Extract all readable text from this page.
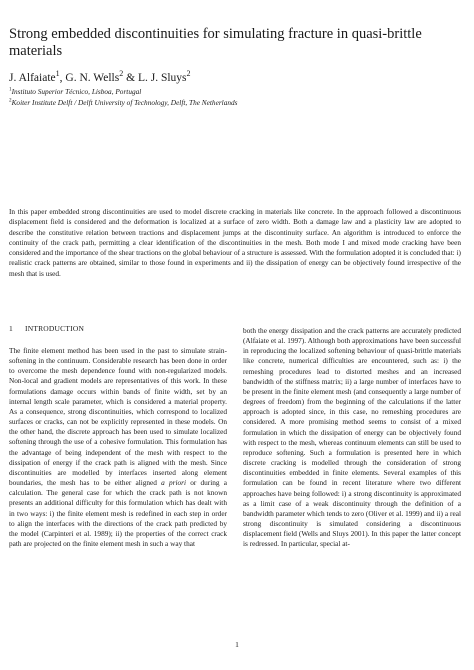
Strong embedded discontinuities for simulating fracture in quasi-brittle materials
J. Alfaiate$^1$, G. N. Wells$^2$ & L. J. Sluys$^2$
$^1$Instituto Superior Técnico, Lisboa, Portugal
$^2$Koiter Institute Delft / Delft University of Technology, Delft, The Netherlands
In this paper embedded strong discontinuities are used to model discrete cracking in materials like concrete. In the approach followed a discontinuous displacement field is considered and the deformation is localized at a surface of zero width. Both a damage law and a plasticity law are adopted to describe the constitutive relation between tractions and displacement jumps at the discontinuity surface. An algorithm is introduced to enforce the continuity of the crack path, permitting a clear identification of the discontinuities in the mesh. Both mode I and mixed mode cracking have been considered and the importance of the shear tractions on the global behaviour of a structure is assessed. With the formulation adopted it is concluded that: i) realistic crack patterns are obtained, similar to those found in experiments and ii) the dissipation of energy can be objectively found irrespective of the mesh that is used.
1 INTRODUCTION

The finite element method has been used in the past to simulate strain-softening in the continuum. Considerable research has been done in order to overcome the mesh dependence found with non-regularized models. Non-local and gradient models are representatives of this work. In these formulations damage occurs within bands of finite width, set by an internal length scale parameter, which is considered a material property. As a consequence, strong discontinuities, which correspond to localized surfaces or cracks, can not be explicitly represented in these models. On the other hand, the discrete approach has been used to simulate localized softening through the use of a cohesive formulation. This formulation has the advantage of being independent of the mesh with respect to the dissipation of energy if the crack path is aligned with the mesh. Since discontinuities are modelled by interfaces inserted along element boundaries, the mesh has to be either aligned a priori or during a calculation. The general case for which the crack path is not known presents an additional difficulty for this formulation which has dealt with in two ways: i) the finite element mesh is redefined in each step in order to align the interfaces with the directions of the crack path predicted by the model (Carpinteri et al. 1989); ii) the properties of the correct crack path are projected on the finite element mesh in such a way that

both the energy dissipation and the crack patterns are accurately predicted (Alfaiate et al. 1997). Although both approximations have been successful in reproducing the localized softening behaviour of quasi-brittle materials like concrete, numerical difficulties are encountered, such as: i) the remeshing procedures lead to distorted meshes and an increased bandwidth of the stiffness matrix; ii) a large number of interfaces have to be present in the finite element mesh (and consequently a large number of degrees of freedom) from the beginning of the calculations if the latter approach is adopted since, in this case, no remeshing procedures are considered. A more promising method seems to consist of a mixed formulation in which the dissipation of energy can be objectively found with respect to the mesh, whereas continuum elements can still be used to reproduce softening. Such a formulation is presented here in which discrete cracking is modelled through the consideration of strong discontinuities embedded in finite elements. Several examples of this formulation can be found in recent literature where two different approaches have being followed: i) a strong discontinuity is approximated as a limit case of a weak discontinuity through the definition of a bandwidth parameter which tends to zero (Oliver et al. 1999) and ii) a real strong discontinuity is simulated considering a discontinuous displacement field (Wells and Sluys 2001). In this paper the latter concept is redressed. In particular, special at-

1
